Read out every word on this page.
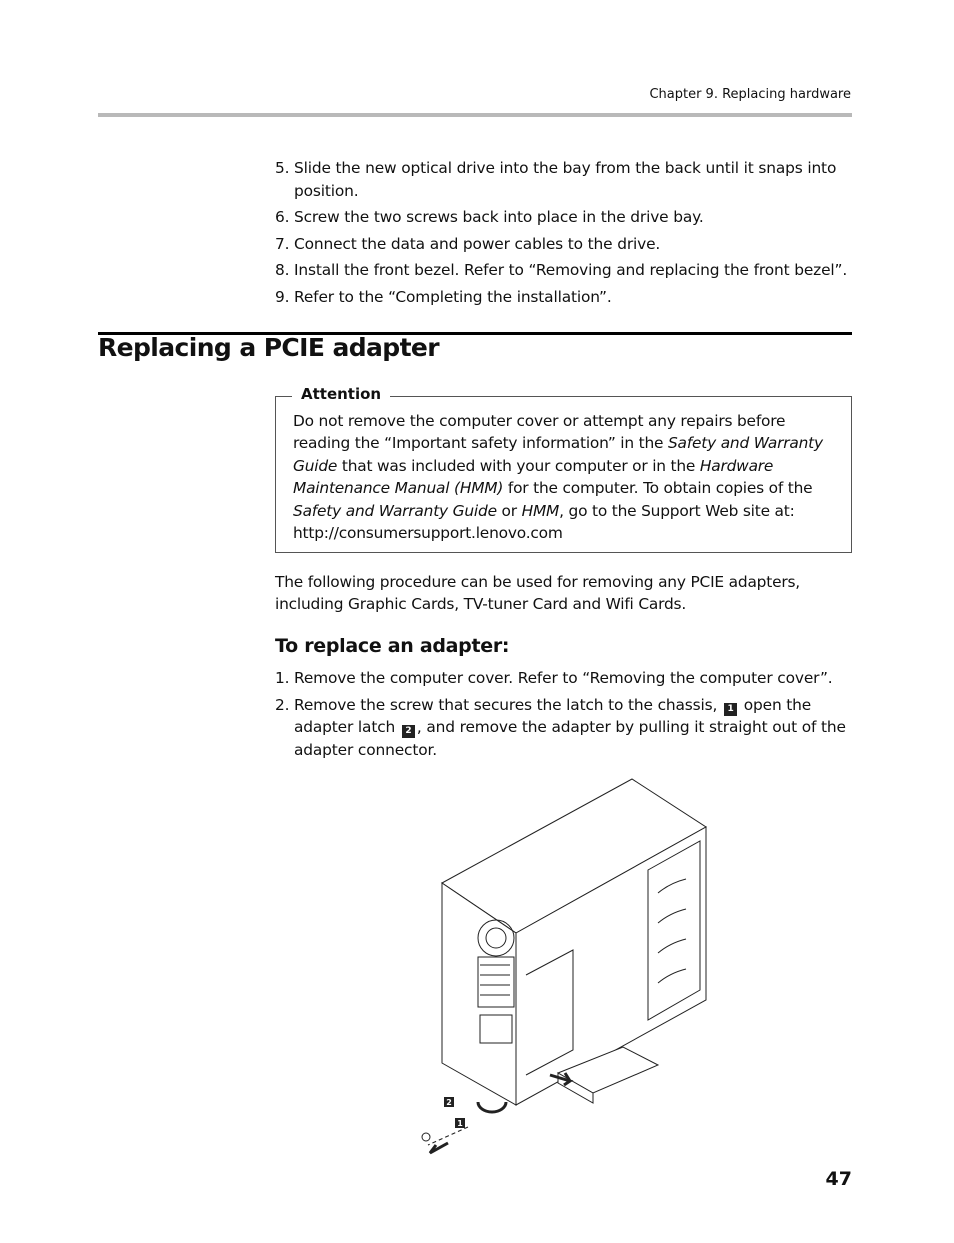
Chapter 9. Replacing hardware
5. Slide the new optical drive into the bay from the back until it snaps into position.
6. Screw the two screws back into place in the drive bay.
7. Connect the data and power cables to the drive.
8. Install the front bezel. Refer to “Removing and replacing the front bezel”.
9. Refer to the “Completing the installation”.
Replacing a PCIE adapter
Attention
Do not remove the computer cover or attempt any repairs before reading the “Important safety information” in the Safety and Warranty Guide that was included with your computer or in the Hardware Maintenance Manual (HMM) for the computer. To obtain copies of the Safety and Warranty Guide or HMM, go to the Support Web site at: http://consumersupport.lenovo.com
The following procedure can be used for removing any PCIE adapters, including Graphic Cards, TV-tuner Card and Wifi Cards.
To replace an adapter:
1. Remove the computer cover. Refer to “Removing the computer cover”.
2. Remove the screw that secures the latch to the chassis, 1 open the adapter latch 2 , and remove the adapter by pulling it straight out of the adapter connector.
2
1
47
